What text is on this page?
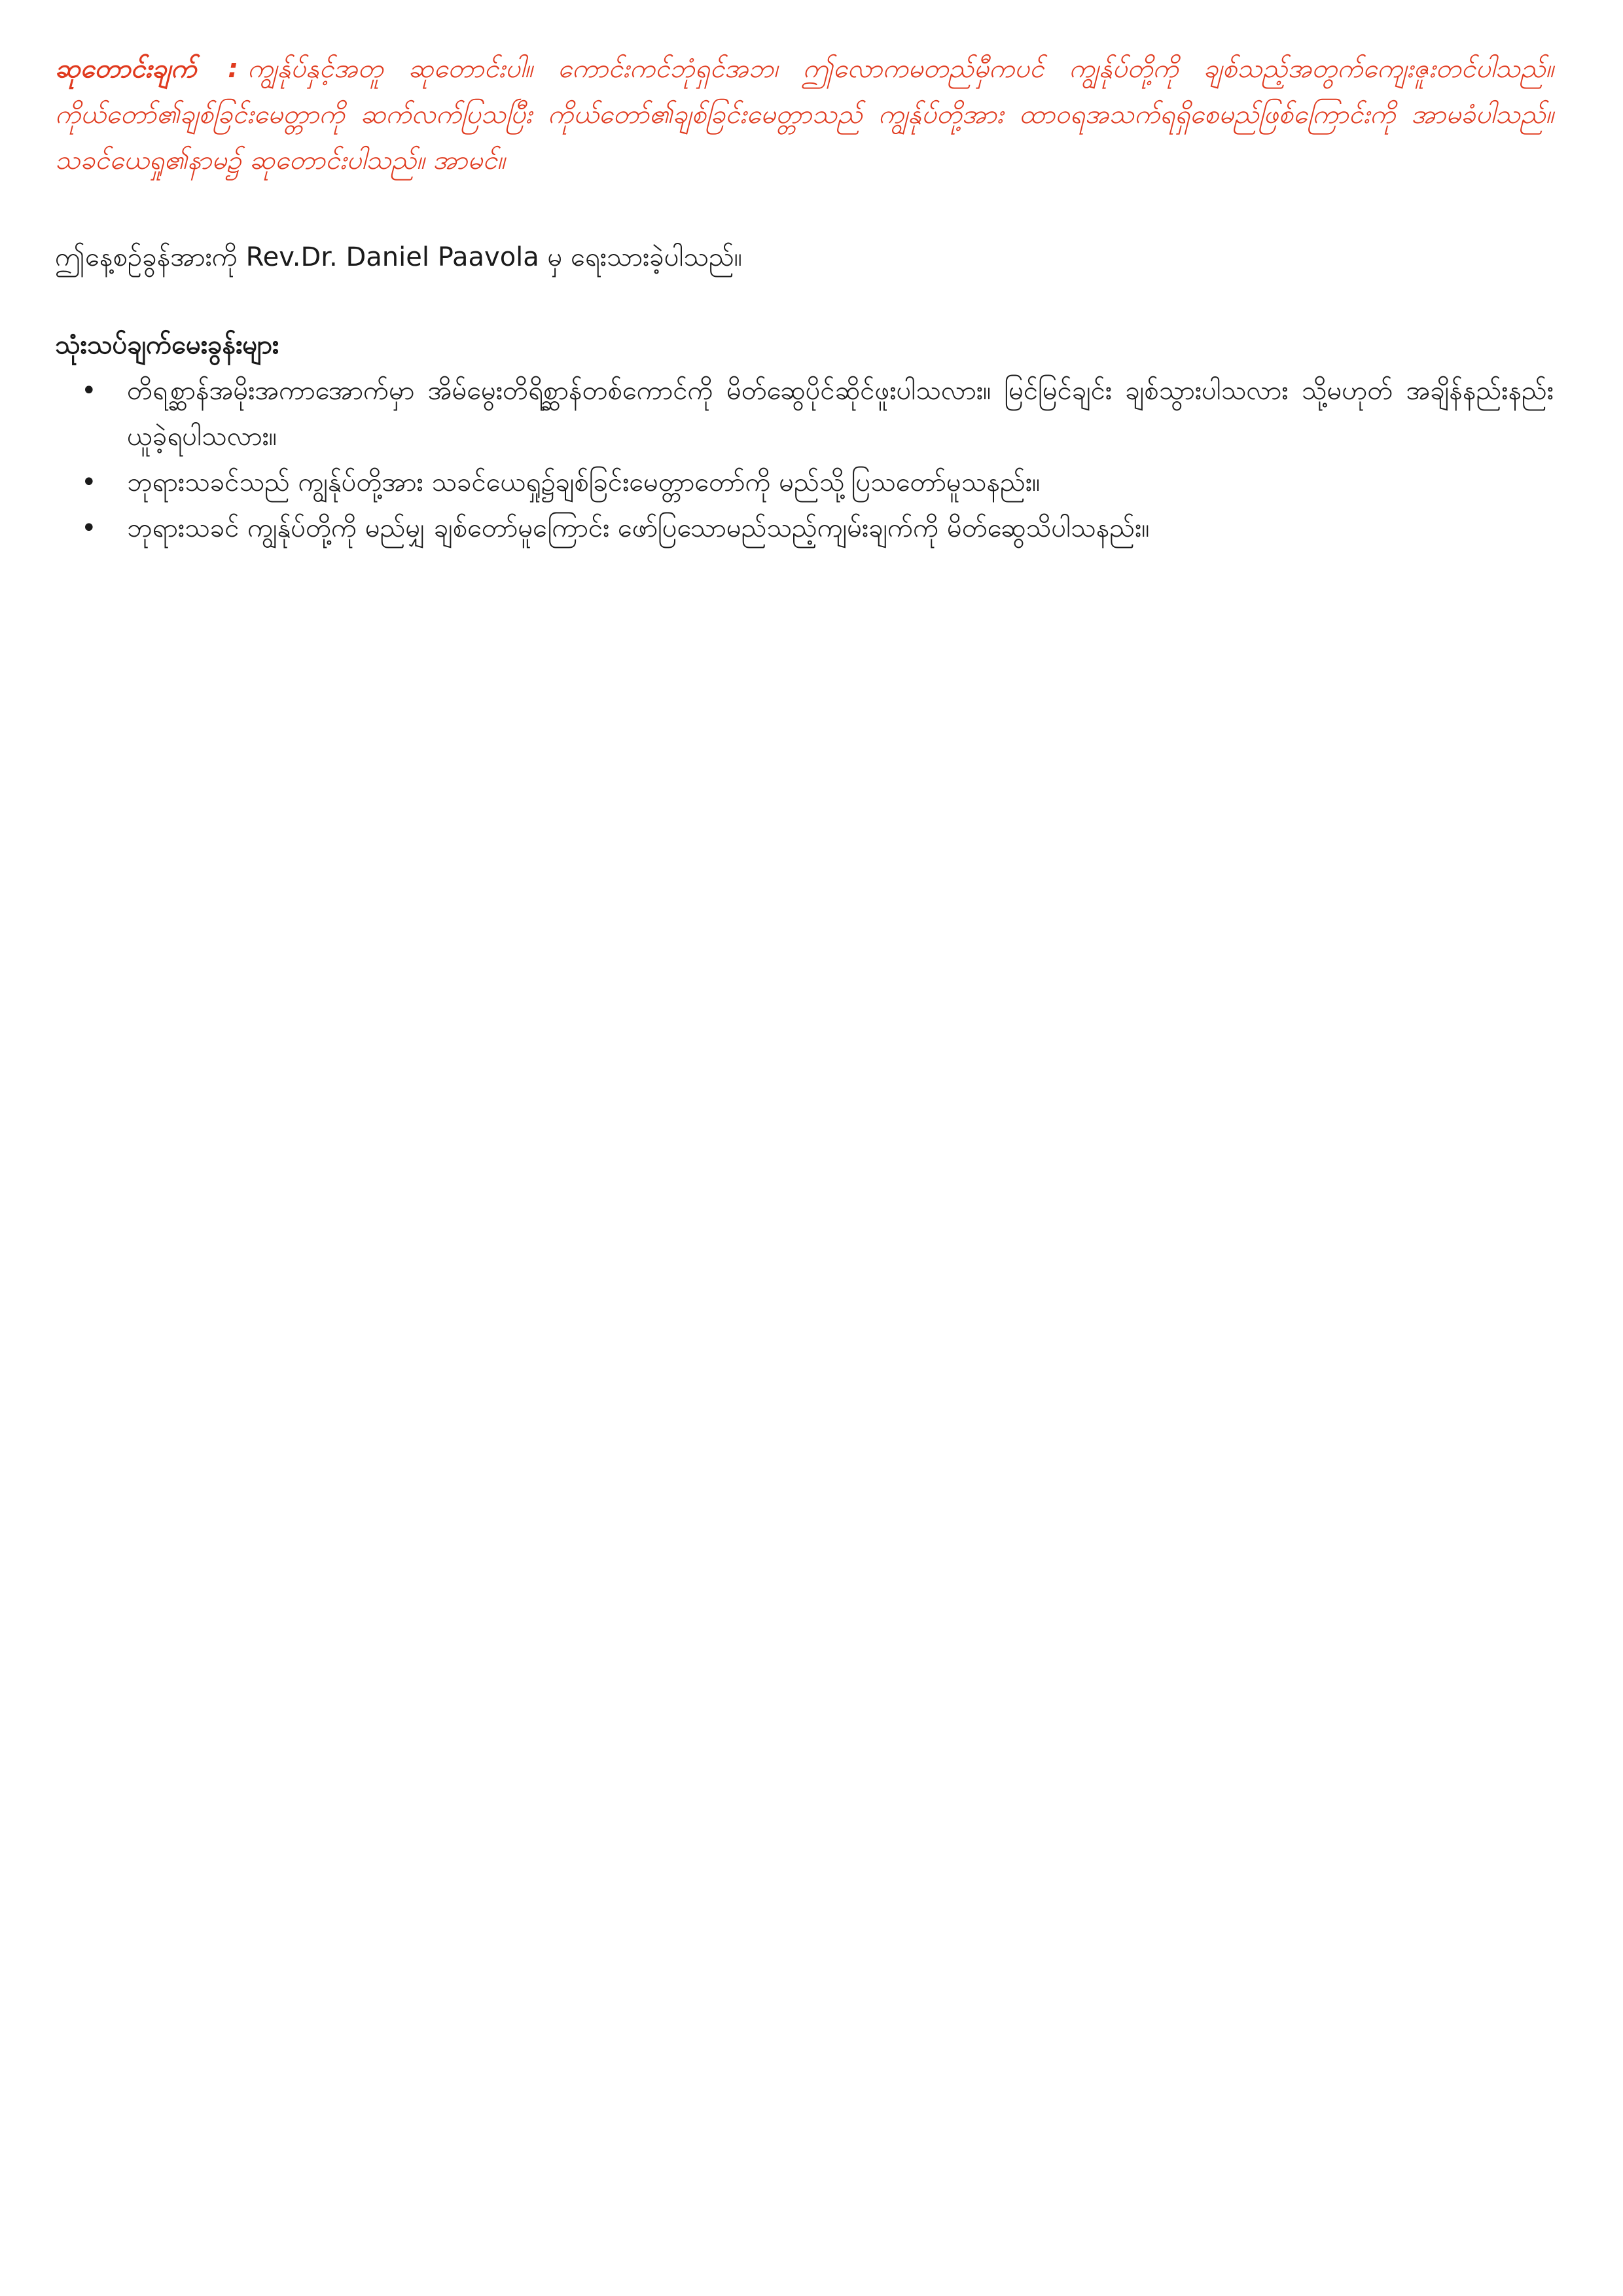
ဆုတောင်းချက် : ကျွန်ုပ်နှင့်အတူ ဆုတောင်းပါ။ ကောင်းကင်ဘုံရှင်အဘ၊ ဤလောကမတည်မှီကပင် ကျွန်ုပ်တို့ကို ချစ်သည့်အတွက်ကျေးဇူးတင်ပါသည်။ ကိုယ်တော်၏ချစ်ခြင်းမေတ္တာကို ဆက်လက်ပြသပြီး ကိုယ်တော်၏ချစ်ခြင်းမေတ္တာသည် ကျွန်ုပ်တို့အား ထာဝရအသက်ရရှိစေမည်ဖြစ်ကြောင်းကို အာမခံပါသည်။ သခင်ယေရှု၏နာမ၌ ဆုတောင်းပါသည်။ အာမင်။

ဤနေ့စဉ်ခွန်အားကို Rev.Dr. Daniel Paavola မှ ရေးသားခဲ့ပါသည်။

သုံးသပ်ချက်မေးခွန်းများ
• တိရစ္ဆာန်အမိုးအကာအောက်မှာ အိမ်မွေးတိရိစ္ဆာန်တစ်ကောင်ကို မိတ်ဆွေပိုင်ဆိုင်ဖူးပါသလား။ မြင်မြင်ချင်း ချစ်သွားပါသလား သို့မဟုတ် အချိန်နည်းနည်းယူခဲ့ရပါသလား။
• ဘုရားသခင်သည် ကျွန်ုပ်တို့အား သခင်ယေရှု၌ချစ်ခြင်းမေတ္တာတော်ကို မည်သို့ပြသတော်မူသနည်း။
• ဘုရားသခင် ကျွန်ုပ်တို့ကို မည်မျှ ချစ်တော်မူကြောင်း ဖော်ပြသောမည်သည့်ကျမ်းချက်ကို မိတ်ဆွေသိပါသနည်း။
